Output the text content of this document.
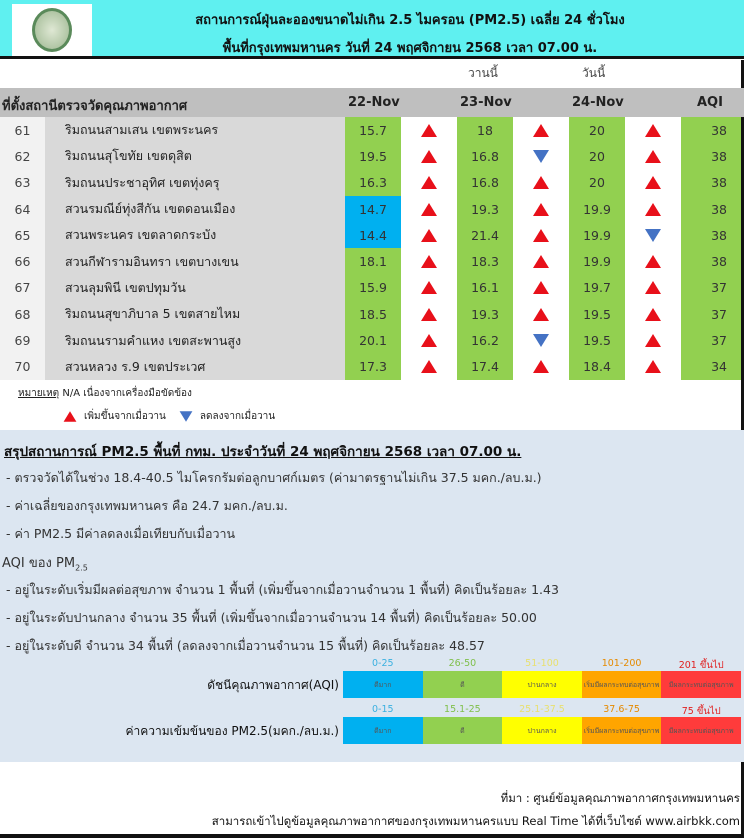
สถานการณ์ฝุ่นละอองขนาดไม่เกิน 2.5 ไมครอน (PM2.5) เฉลี่ย 24 ชั่วโมง
พื้นที่กรุงเทพมหานคร วันที่ 24 พฤศจิกายน 2568 เวลา 07.00 น.
วานนี้	วันนี้
ที่ตั้งสถานีตรวจวัดคุณภาพอากาศ	22-Nov	23-Nov	24-Nov	AQI
61	ริมถนนสามเสน เขตพระนคร	15.7	18	20	38
62	ริมถนนสุโขทัย เขตดุสิต	19.5	16.8	20	38
63	ริมถนนประชาอุทิศ เขตทุ่งครุ	16.3	16.8	20	38
64	สวนรมณีย์ทุ่งสีกัน เขตดอนเมือง	14.7	19.3	19.9	38
65	สวนพระนคร เขตลาดกระบัง	14.4	21.4	19.9	38
66	สวนกีฬารามอินทรา เขตบางเขน	18.1	18.3	19.9	38
67	สวนลุมพินี เขตปทุมวัน	15.9	16.1	19.7	37
68	ริมถนนสุขาภิบาล 5 เขตสายไหม	18.5	19.3	19.5	37
69	ริมถนนรามคำแหง เขตสะพานสูง	20.1	16.2	19.5	37
70	สวนหลวง ร.9 เขตประเวศ	17.3	17.4	18.4	34
หมายเหตุ N/A เนื่องจากเครื่องมือขัดข้อง
เพิ่มขึ้นจากเมื่อวาน	ลดลงจากเมื่อวาน

สรุปสถานการณ์ PM2.5 พื้นที่ กทม. ประจำวันที่ 24 พฤศจิกายน 2568 เวลา 07.00 น.

- ตรวจวัดได้ในช่วง 18.4-40.5 ไมโครกรัมต่อลูกบาศก์เมตร (ค่ามาตรฐานไม่เกิน 37.5 มคก./ลบ.ม.)

- ค่าเฉลี่ยของกรุงเทพมหานคร คือ 24.7 มคก./ลบ.ม.

- ค่า PM2.5 มีค่าลดลงเมื่อเทียบกับเมื่อวาน

AQI ของ $PM_{2.5}$

- อยู่ในระดับเริ่มมีผลต่อสุขภาพ จำนวน 1 พื้นที่ (เพิ่มขึ้นจากเมื่อวานจำนวน 1 พื้นที่) คิดเป็นร้อยละ 1.43

- อยู่ในระดับปานกลาง จำนวน 35 พื้นที่ (เพิ่มขึ้นจากเมื่อวานจำนวน 14 พื้นที่) คิดเป็นร้อยละ 50.00

- อยู่ในระดับดี จำนวน 34 พื้นที่ (ลดลงจากเมื่อวานจำนวน 15 พื้นที่) คิดเป็นร้อยละ 48.57

ดัชนีคุณภาพอากาศ(AQI)
0-25
ดีมาก
26-50
ดี
51-100
ปานกลาง
101-200
เริ่มมีผลกระทบต่อสุขภาพ
201 ขึ้นไป
มีผลกระทบต่อสุขภาพ
ค่าความเข้มข้นของ PM2.5(มคก./ลบ.ม.)
0-15
ดีมาก
15.1-25
ดี
25.1-37.5
ปานกลาง
37.6-75
เริ่มมีผลกระทบต่อสุขภาพ
75 ขึ้นไป
มีผลกระทบต่อสุขภาพ
ที่มา : ศูนย์ข้อมูลคุณภาพอากาศกรุงเทพมหานคร
สามารถเข้าไปดูข้อมูลคุณภาพอากาศของกรุงเทพมหานครแบบ Real Time ได้ที่เว็บไซต์ www.airbkk.com
